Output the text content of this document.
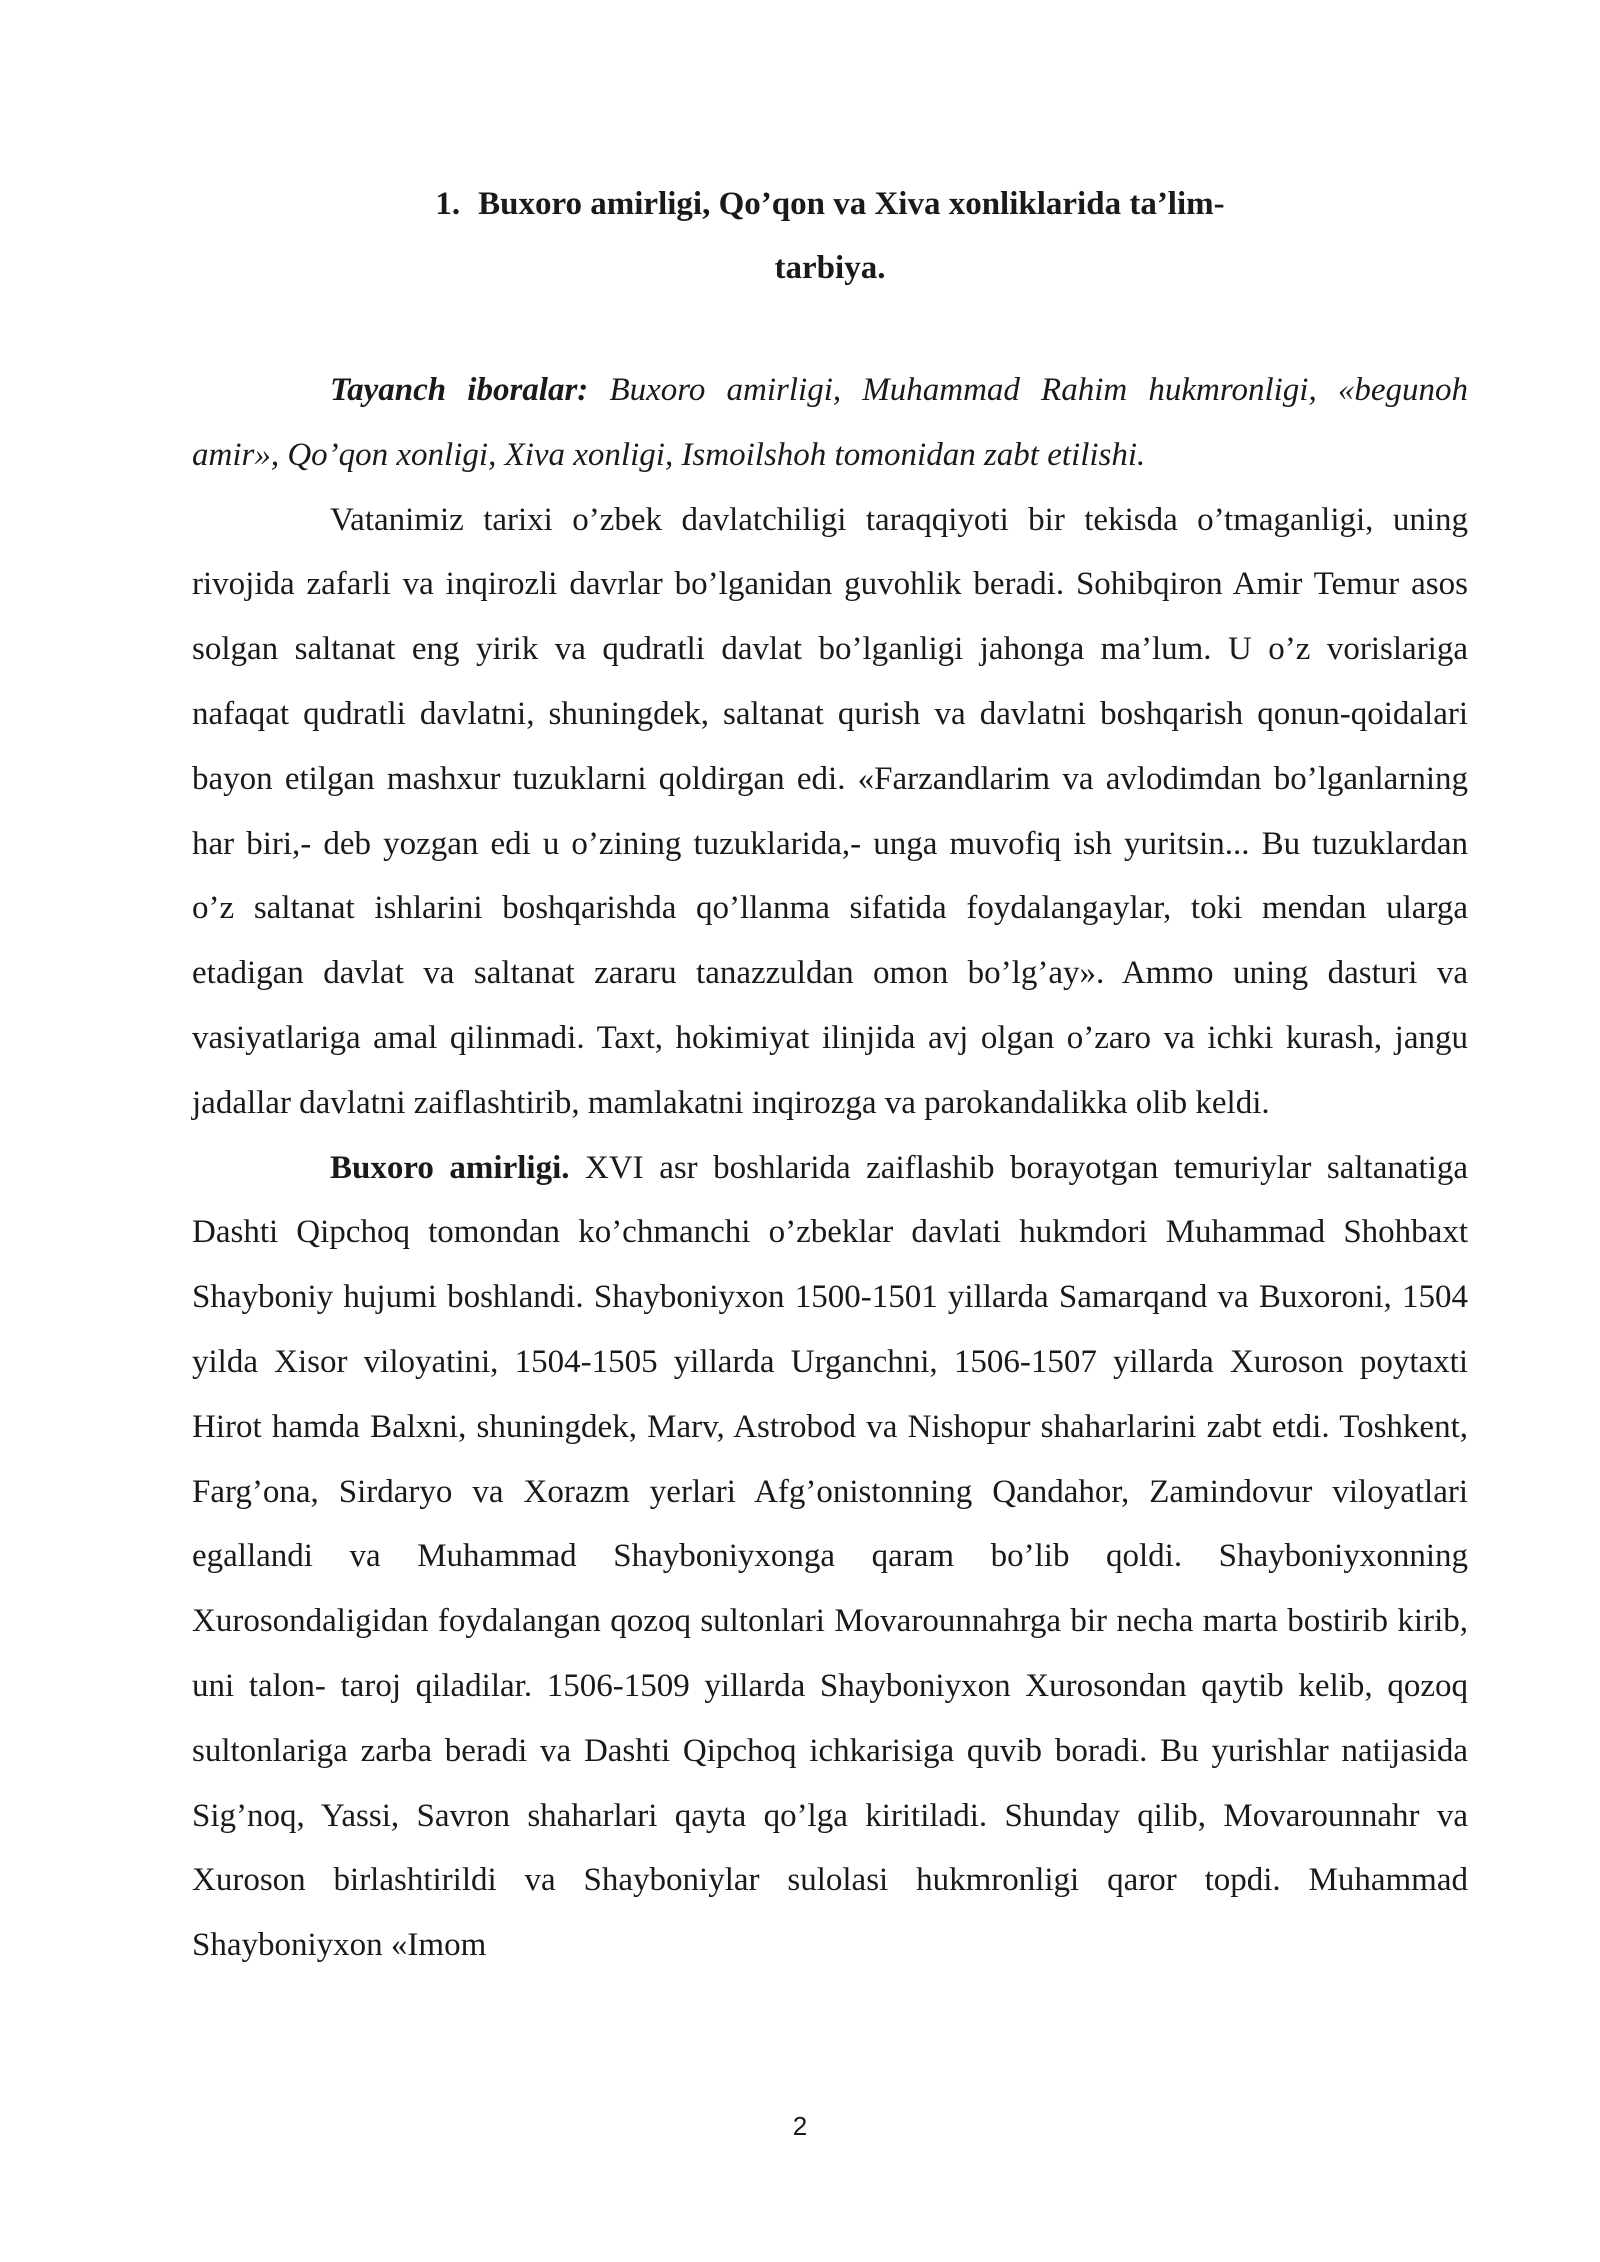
1. Buxoro amirligi, Qo’qon va Xiva xonliklarida ta’lim-
tarbiya.

Tayanch iboralar: Buxoro amirligi, Muhammad Rahim hukmronligi, «begunoh amir», Qo’qon xonligi, Xiva xonligi, Ismoilshoh tomonidan zabt etilishi.

Vatanimiz tarixi o’zbek davlatchiligi taraqqiyoti bir tekisda o’tmaganligi, uning rivojida zafarli va inqirozli davrlar bo’lganidan guvohlik beradi. Sohibqiron Amir Temur asos solgan saltanat eng yirik va qudratli davlat bo’lganligi jahonga ma’lum. U o’z vorislariga nafaqat qudratli davlatni, shuningdek, saltanat qurish va davlatni boshqarish qonun-qoidalari bayon etilgan mashxur tuzuklarni qoldirgan edi. «Farzandlarim va avlodimdan bo’lganlarning har biri,- deb yozgan edi u o’zining tuzuklarida,- unga muvofiq ish yuritsin... Bu tuzuklardan o’z saltanat ishlarini boshqarishda qo’llanma sifatida foydalangaylar, toki mendan ularga etadigan davlat va saltanat zararu tanazzuldan omon bo’lg’ay». Ammo uning dasturi va vasiyatlariga amal qilinmadi. Taxt, hokimiyat ilinjida avj olgan o’zaro va ichki kurash, jangu jadallar davlatni zaiflashtirib, mamlakatni inqirozga va parokandalikka olib keldi.

Buxoro amirligi. XVI asr boshlarida zaiflashib borayotgan temuriylar saltanatiga Dashti Qipchoq tomondan ko’chmanchi o’zbeklar davlati hukmdori Muhammad Shohbaxt Shayboniy hujumi boshlandi. Shayboniyxon 1500-1501 yillarda Samarqand va Buxoroni, 1504 yilda Xisor viloyatini, 1504-1505 yillarda Urganchni, 1506-1507 yillarda Xuroson poytaxti Hirot hamda Balxni, shuningdek, Marv, Astrobod va Nishopur shaharlarini zabt etdi. Toshkent, Farg’ona, Sirdaryo va Xorazm yerlari Afg’onistonning Qandahor, Zamindovur viloyatlari egallandi va Muhammad Shayboniyxonga qaram bo’lib qoldi. Shayboniyxonning Xurosondaligidan foydalangan qozoq sultonlari Movarounnahrga bir necha marta bostirib kirib, uni talon- taroj qiladilar. 1506-1509 yillarda Shayboniyxon Xurosondan qaytib kelib, qozoq sultonlariga zarba beradi va Dashti Qipchoq ichkarisiga quvib boradi. Bu yurishlar natijasida Sig’noq, Yassi, Savron shaharlari qayta qo’lga kiritiladi. Shunday qilib, Movarounnahr va Xuroson birlashtirildi va Shayboniylar sulolasi hukmronligi qaror topdi. Muhammad Shayboniyxon «Imom

2
